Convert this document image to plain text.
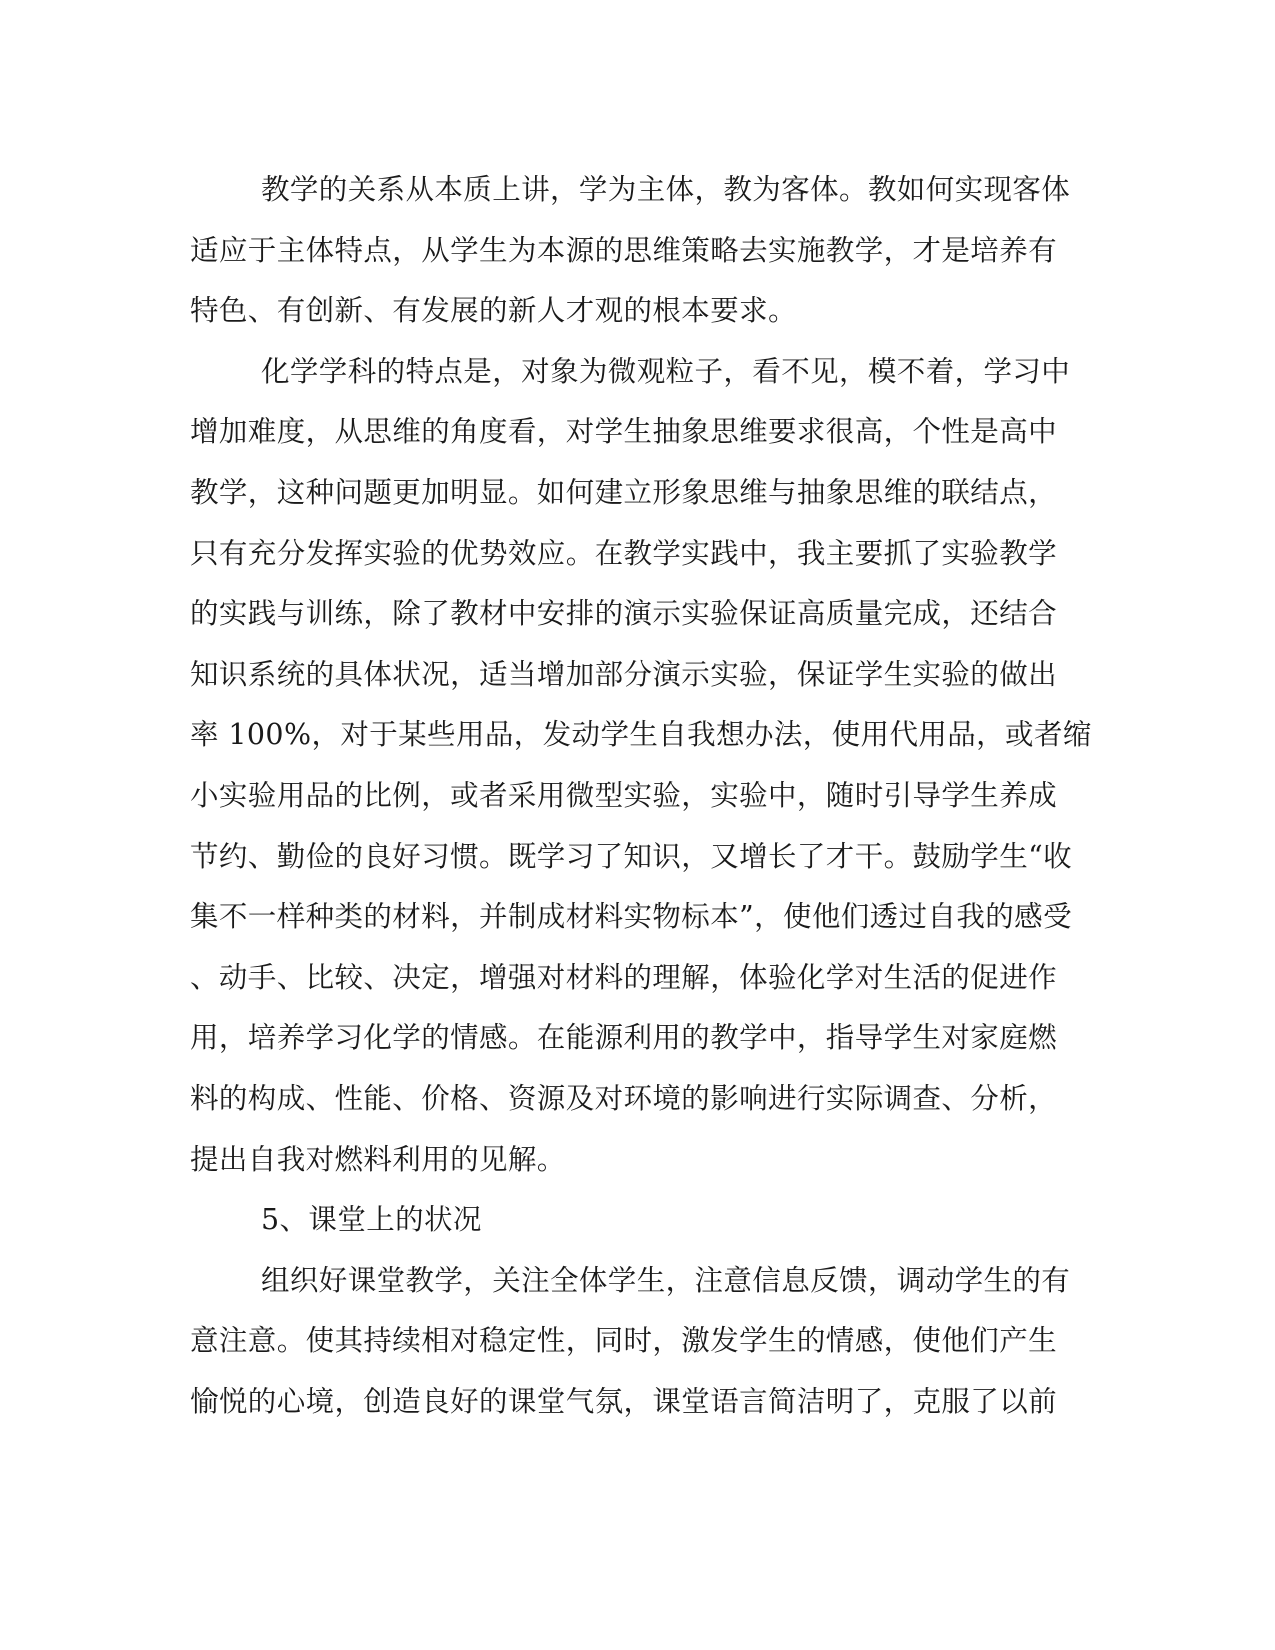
教学的关系从本质上讲，学为主体，教为客体。教如何实现客体
适应于主体特点，从学生为本源的思维策略去实施教学，才是培养有
特色、有创新、有发展的新人才观的根本要求。
化学学科的特点是，对象为微观粒子，看不见，模不着，学习中
增加难度，从思维的角度看，对学生抽象思维要求很高，个性是高中
教学，这种问题更加明显。如何建立形象思维与抽象思维的联结点，
只有充分发挥实验的优势效应。在教学实践中，我主要抓了实验教学
的实践与训练，除了教材中安排的演示实验保证高质量完成，还结合
知识系统的具体状况，适当增加部分演示实验，保证学生实验的做出
率 100%，对于某些用品，发动学生自我想办法，使用代用品，或者缩
小实验用品的比例，或者采用微型实验，实验中，随时引导学生养成
节约、勤俭的良好习惯。既学习了知识，又增长了才干。鼓励学生“收
集不一样种类的材料，并制成材料实物标本”，使他们透过自我的感受
、动手、比较、决定，增强对材料的理解，体验化学对生活的促进作
用，培养学习化学的情感。在能源利用的教学中，指导学生对家庭燃
料的构成、性能、价格、资源及对环境的影响进行实际调查、分析，
提出自我对燃料利用的见解。
5、课堂上的状况
组织好课堂教学，关注全体学生，注意信息反馈，调动学生的有
意注意。使其持续相对稳定性，同时，激发学生的情感，使他们产生
愉悦的心境，创造良好的课堂气氛，课堂语言简洁明了，克服了以前
